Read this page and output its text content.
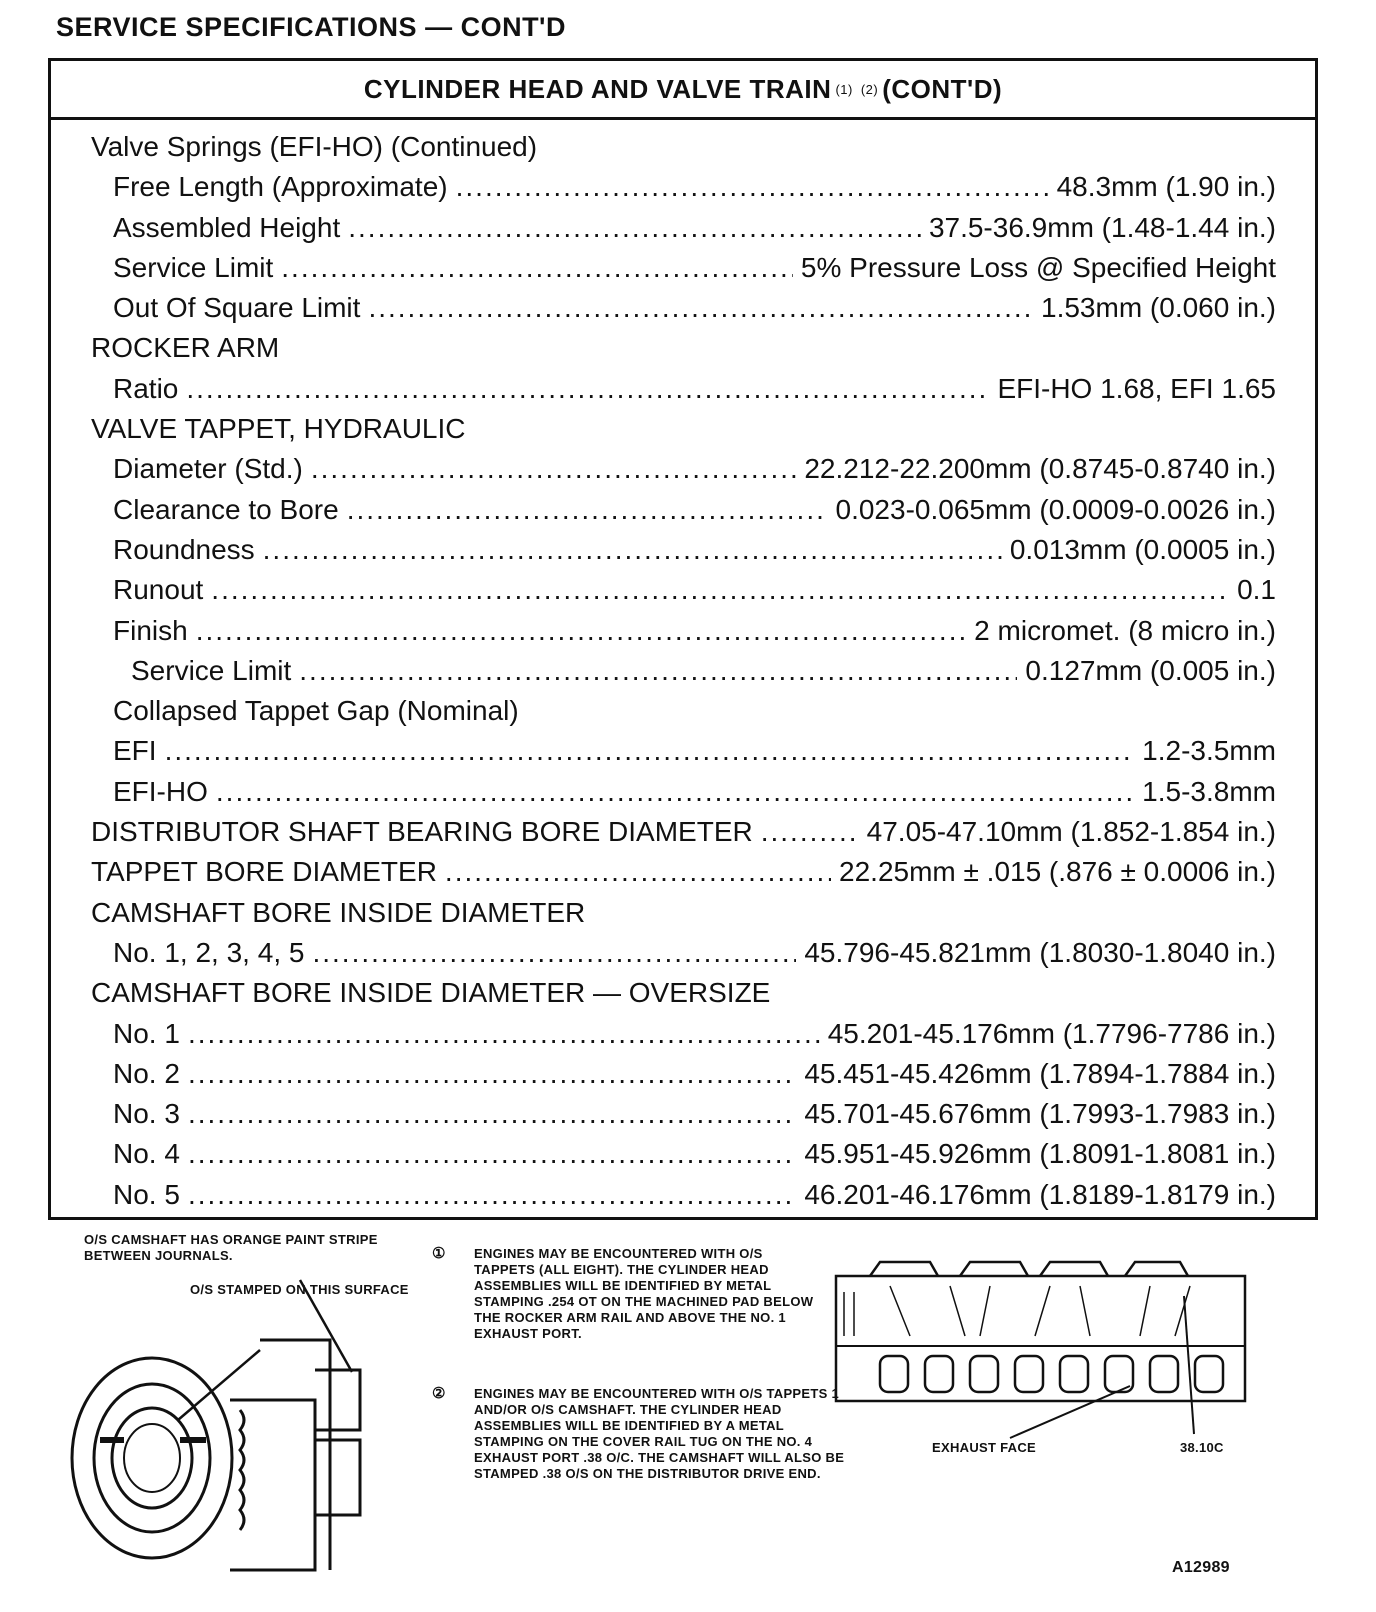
SERVICE SPECIFICATIONS — CONT'D
CYLINDER HEAD AND VALVE TRAIN (1) (2) (CONT'D)
Valve Springs (EFI-HO) (Continued)
Free Length (Approximate) .....	48.3mm (1.90 in.)
Assembled Height .....	37.5-36.9mm (1.48-1.44 in.)
Service Limit .....	5% Pressure Loss @ Specified Height
Out Of Square Limit .....	1.53mm (0.060 in.)
ROCKER ARM
Ratio .....	EFI-HO 1.68, EFI 1.65
VALVE TAPPET, HYDRAULIC
Diameter (Std.) .....	22.212-22.200mm (0.8745-0.8740 in.)
Clearance to Bore .....	0.023-0.065mm (0.0009-0.0026 in.)
Roundness .....	0.013mm (0.0005 in.)
Runout .....	0.1
Finish .....	2 micromet. (8 micro in.)
Service Limit .....	0.127mm (0.005 in.)
Collapsed Tappet Gap (Nominal)
EFI .....	1.2-3.5mm
EFI-HO .....	1.5-3.8mm
DISTRIBUTOR SHAFT BEARING BORE DIAMETER .....	47.05-47.10mm (1.852-1.854 in.)
TAPPET BORE DIAMETER .....	22.25mm ± .015 (.876 ± 0.0006 in.)
CAMSHAFT BORE INSIDE DIAMETER
No. 1, 2, 3, 4, 5 .....	45.796-45.821mm (1.8030-1.8040 in.)
CAMSHAFT BORE INSIDE DIAMETER — OVERSIZE
No. 1 .....	45.201-45.176mm (1.7796-7786 in.)
No. 2 .....	45.451-45.426mm (1.7894-1.7884 in.)
No. 3 .....	45.701-45.676mm (1.7993-1.7983 in.)
No. 4 .....	45.951-45.926mm (1.8091-1.8081 in.)
No. 5 .....	46.201-46.176mm (1.8189-1.8179 in.)
O/S CAMSHAFT HAS ORANGE PAINT STRIPE BETWEEN JOURNALS.
O/S STAMPED ON THIS SURFACE
① ENGINES MAY BE ENCOUNTERED WITH O/S TAPPETS (ALL EIGHT). THE CYLINDER HEAD ASSEMBLIES WILL BE IDENTIFIED BY METAL STAMPING .254 OT ON THE MACHINED PAD BELOW THE ROCKER ARM RAIL AND ABOVE THE NO. 1 EXHAUST PORT.
② ENGINES MAY BE ENCOUNTERED WITH O/S TAPPETS 1 AND/OR O/S CAMSHAFT. THE CYLINDER HEAD ASSEMBLIES WILL BE IDENTIFIED BY A METAL STAMPING ON THE COVER RAIL TUG ON THE NO. 4 EXHAUST PORT .38 O/C. THE CAMSHAFT WILL ALSO BE STAMPED .38 O/S ON THE DISTRIBUTOR DRIVE END.
EXHAUST FACE	38.10C
A12989
